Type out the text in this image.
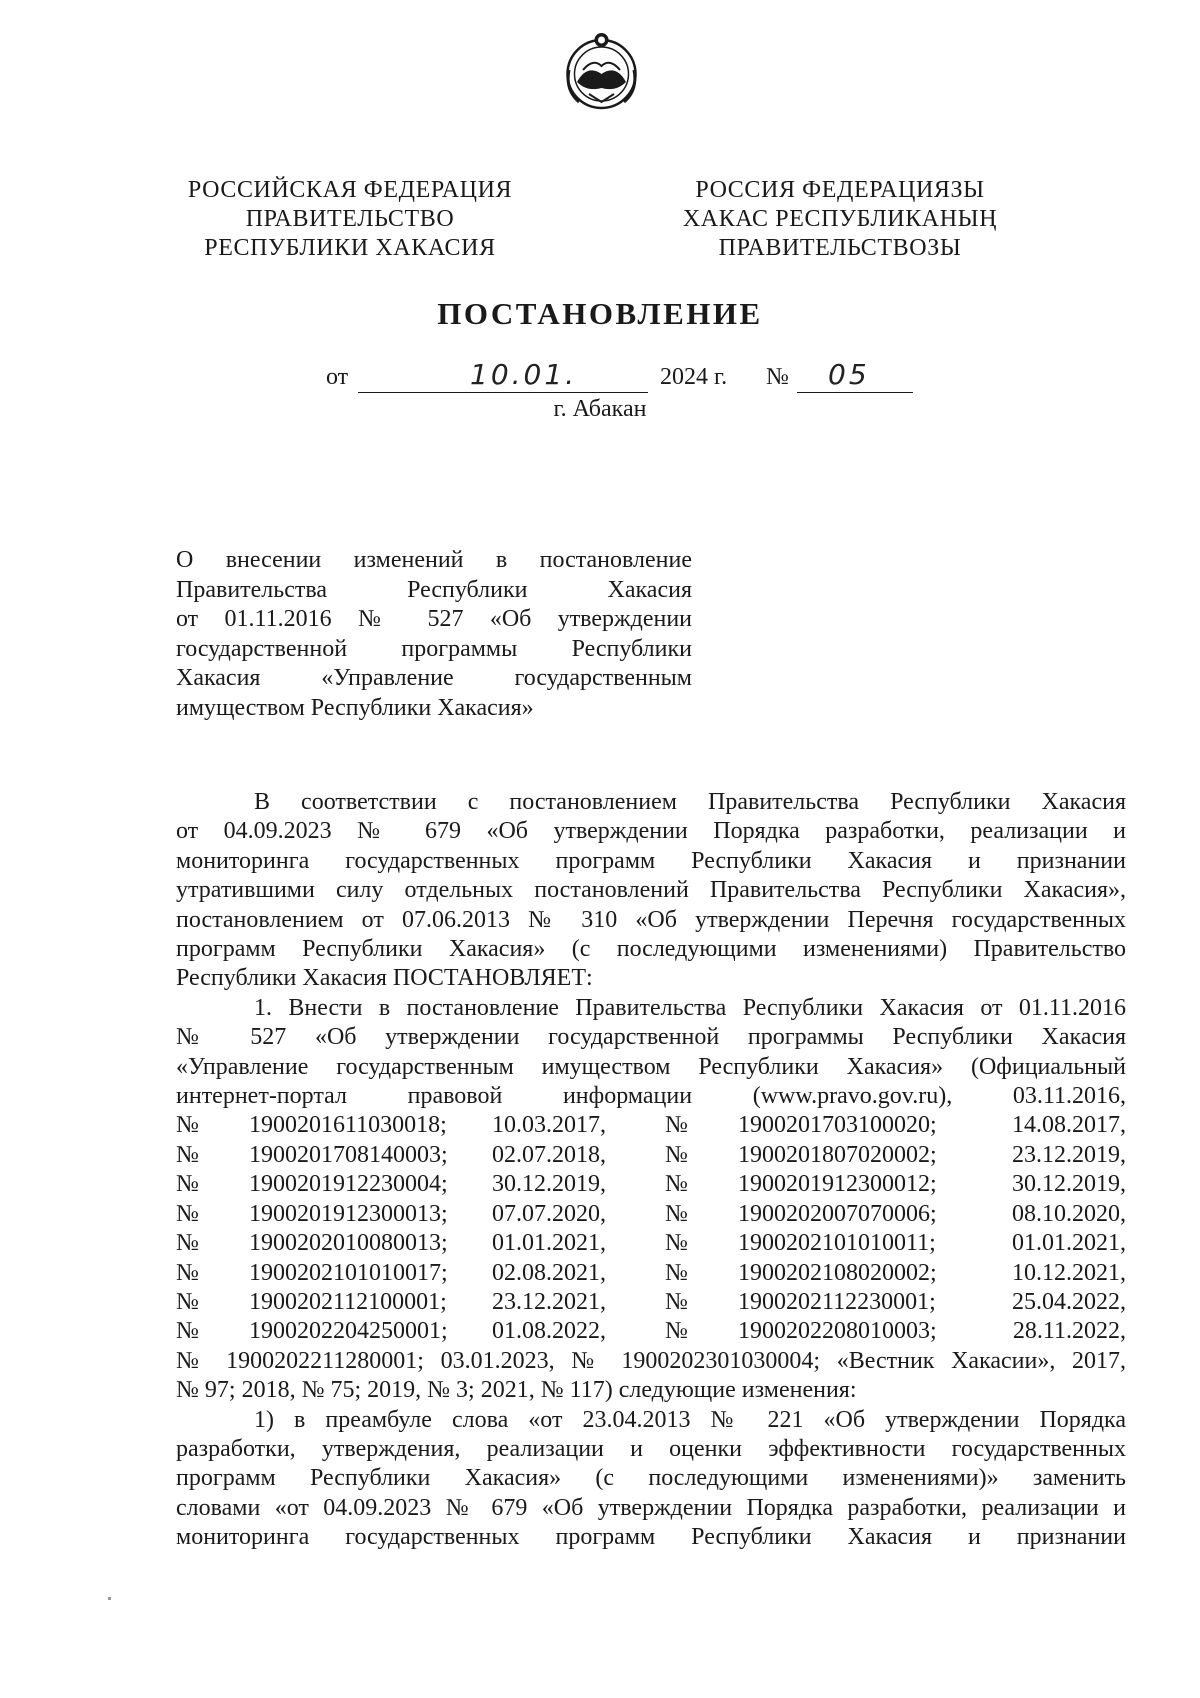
РОССИЙСКАЯ ФЕДЕРАЦИЯ
ПРАВИТЕЛЬСТВО
РЕСПУБЛИКИ ХАКАСИЯ
РОССИЯ ФЕДЕРАЦИЯЗЫ
ХАКАС РЕСПУБЛИКАНЫҢ
ПРАВИТЕЛЬСТВОЗЫ
ПОСТАНОВЛЕНИЕ
от	2024 г. №
10.01.	05
г. Абакан
О внесении изменений в постановление
Правительства Республики Хакасия
от 01.11.2016 № 527 «Об утверждении
государственной программы Республики
Хакасия «Управление государственным
имуществом Республики Хакасия»
В соответствии с постановлением Правительства Республики Хакасия
от 04.09.2023 № 679 «Об утверждении Порядка разработки, реализации и
мониторинга государственных программ Республики Хакасия и признании
утратившими силу отдельных постановлений Правительства Республики Хакасия»,
постановлением от 07.06.2013 № 310 «Об утверждении Перечня государственных
программ Республики Хакасия» (с последующими изменениями) Правительство
Республики Хакасия ПОСТАНОВЛЯЕТ:
1. Внести в постановление Правительства Республики Хакасия от 01.11.2016
№ 527 «Об утверждении государственной программы Республики Хакасия
«Управление государственным имуществом Республики Хакасия» (Официальный
интернет-портал правовой информации (www.pravo.gov.ru), 03.11.2016,
№ 1900201611030018; 10.03.2017,	№ 1900201703100020;	14.08.2017,
№ 1900201708140003; 02.07.2018,	№ 1900201807020002;	23.12.2019,
№ 1900201912230004; 30.12.2019,	№ 1900201912300012;	30.12.2019,
№ 1900201912300013; 07.07.2020,	№ 1900202007070006;	08.10.2020,
№ 1900202010080013; 01.01.2021,	№ 1900202101010011;	01.01.2021,
№ 1900202101010017; 02.08.2021,	№ 1900202108020002;	10.12.2021,
№ 1900202112100001; 23.12.2021,	№ 1900202112230001;	25.04.2022,
№ 1900202204250001; 01.08.2022,	№ 1900202208010003;	28.11.2022,
№ 1900202211280001; 03.01.2023, № 1900202301030004; «Вестник Хакасии», 2017,
№ 97; 2018, № 75; 2019, № 3; 2021, № 117) следующие изменения:
1) в преамбуле слова «от 23.04.2013 № 221 «Об утверждении Порядка
разработки, утверждения, реализации и оценки эффективности государственных
программ Республики Хакасия» (с последующими изменениями)» заменить
словами «от 04.09.2023 № 679 «Об утверждении Порядка разработки, реализации и
мониторинга государственных программ Республики Хакасия и признании
